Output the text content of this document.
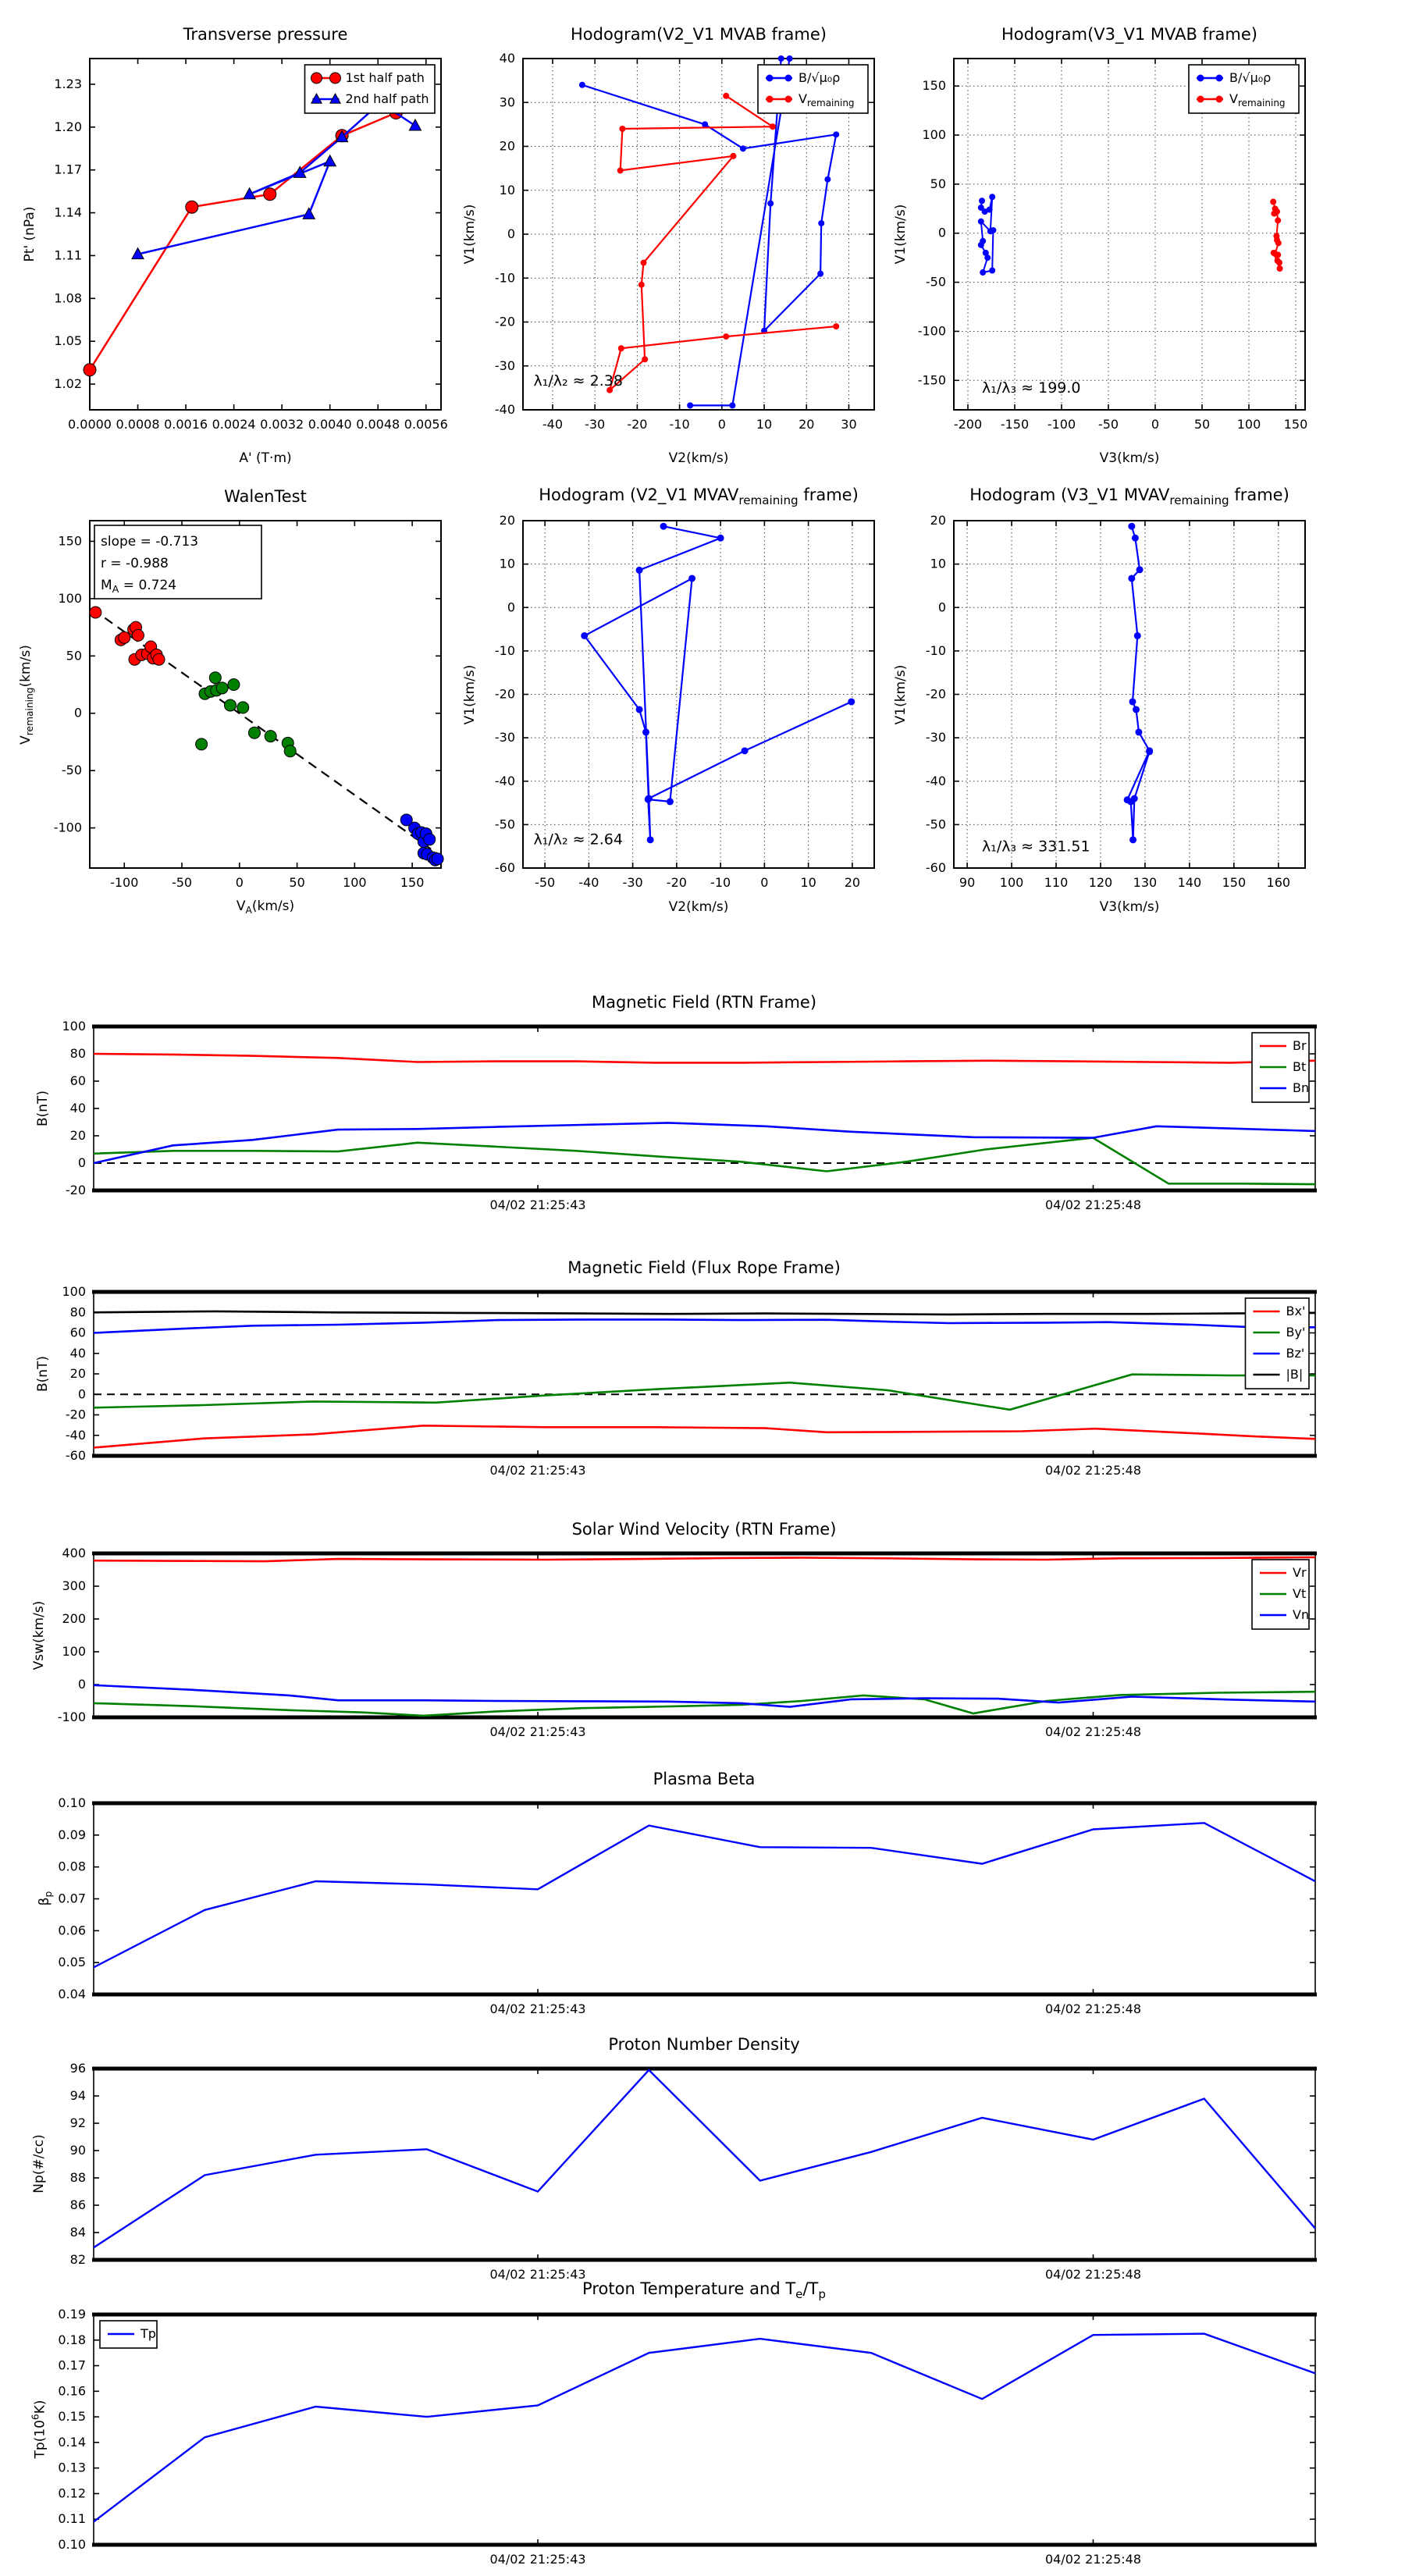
0.0000 0.0008 0.0016 0.0024 0.0032 0.0040 0.0048 0.0056
1.02
1.05
1.08
1.11
1.14
1.17
1.20
1.23	1st half path
2nd half path
-40 -30 -20 -10 0 10 20 30
-40
-30
-20
-10
0
10
20
30
40
λ₁/λ₂ ≈ 2.38
B/√μ₀ρ
$V_{remaining}$
-200 -150 -100 -50	0	50 100 150
-150
-100
-50
0
50
100
150
λ₁/λ₃ ≈ 199.0
B/√μ₀ρ
$V_{remaining}$
-100	-50	0	50	100	150
-100
-50
0
50
100
150 slope = -0.713
r = -0.988
$M_A = 0.724$
-50 -40 -30 -20 -10 0	10 20
-60
-50
-40
-30
-20
-10
0
10
20
λ₁/λ₂ ≈ 2.64
90 100 110 120 130 140 150 160
-60
-50
-40
-30
-20
-10
0
10
20
λ₁/λ₃ ≈ 331.51
04/02 21:25:43	04/02 21:25:48
-20
0
20
40
60
80
100
Br
Bt
Bn
04/02 21:25:43	04/02 21:25:48
-60
-40
-20
0
20
40
60
80
100
Bx'
By'
Bz'
|B|
04/02 21:25:43	04/02 21:25:48
-100
0
100
200
300
400
Vr
Vt
Vn
04/02 21:25:43	04/02 21:25:48
0.04
0.05
0.06
0.07
0.08
0.09
0.10
04/02 21:25:43	04/02 21:25:48
82
84
86
88
90
92
94
96
04/02 21:25:43	04/02 21:25:48
0.10
0.11
0.12
0.13
0.14
0.15
0.16
0.17
0.18
0.19
Tp
Transverse pressure	Hodogram(V2_V1 MVAB frame)	Hodogram(V3_V1 MVAB frame)
WalenTest	Hodogram (V2_V1 $MVAV_{remaining}$ frame)	Hodogram (V3_V1 $MVAV_{remaining}$ frame)
Magnetic Field (RTN Frame)
Magnetic Field (Flux Rope Frame)
Solar Wind Velocity (RTN Frame)
Plasma Beta
Proton Number Density
Proton Temperature and $T_e/T_p$
A' (T·m)	V2(km/s)	V3(km/s)
$V_A(km/s)$	V2(km/s)	V3(km/s)
Pt' (nPa)	V1(km/s)	V1(km/s)
$V_{remaining}(km/s)$	V1(km/s)	V1(km/s)
B(nT)
B(nT)
Vsw(km/s)
$\beta_p$
Np(#/cc)
$Tp(10^6K)$
